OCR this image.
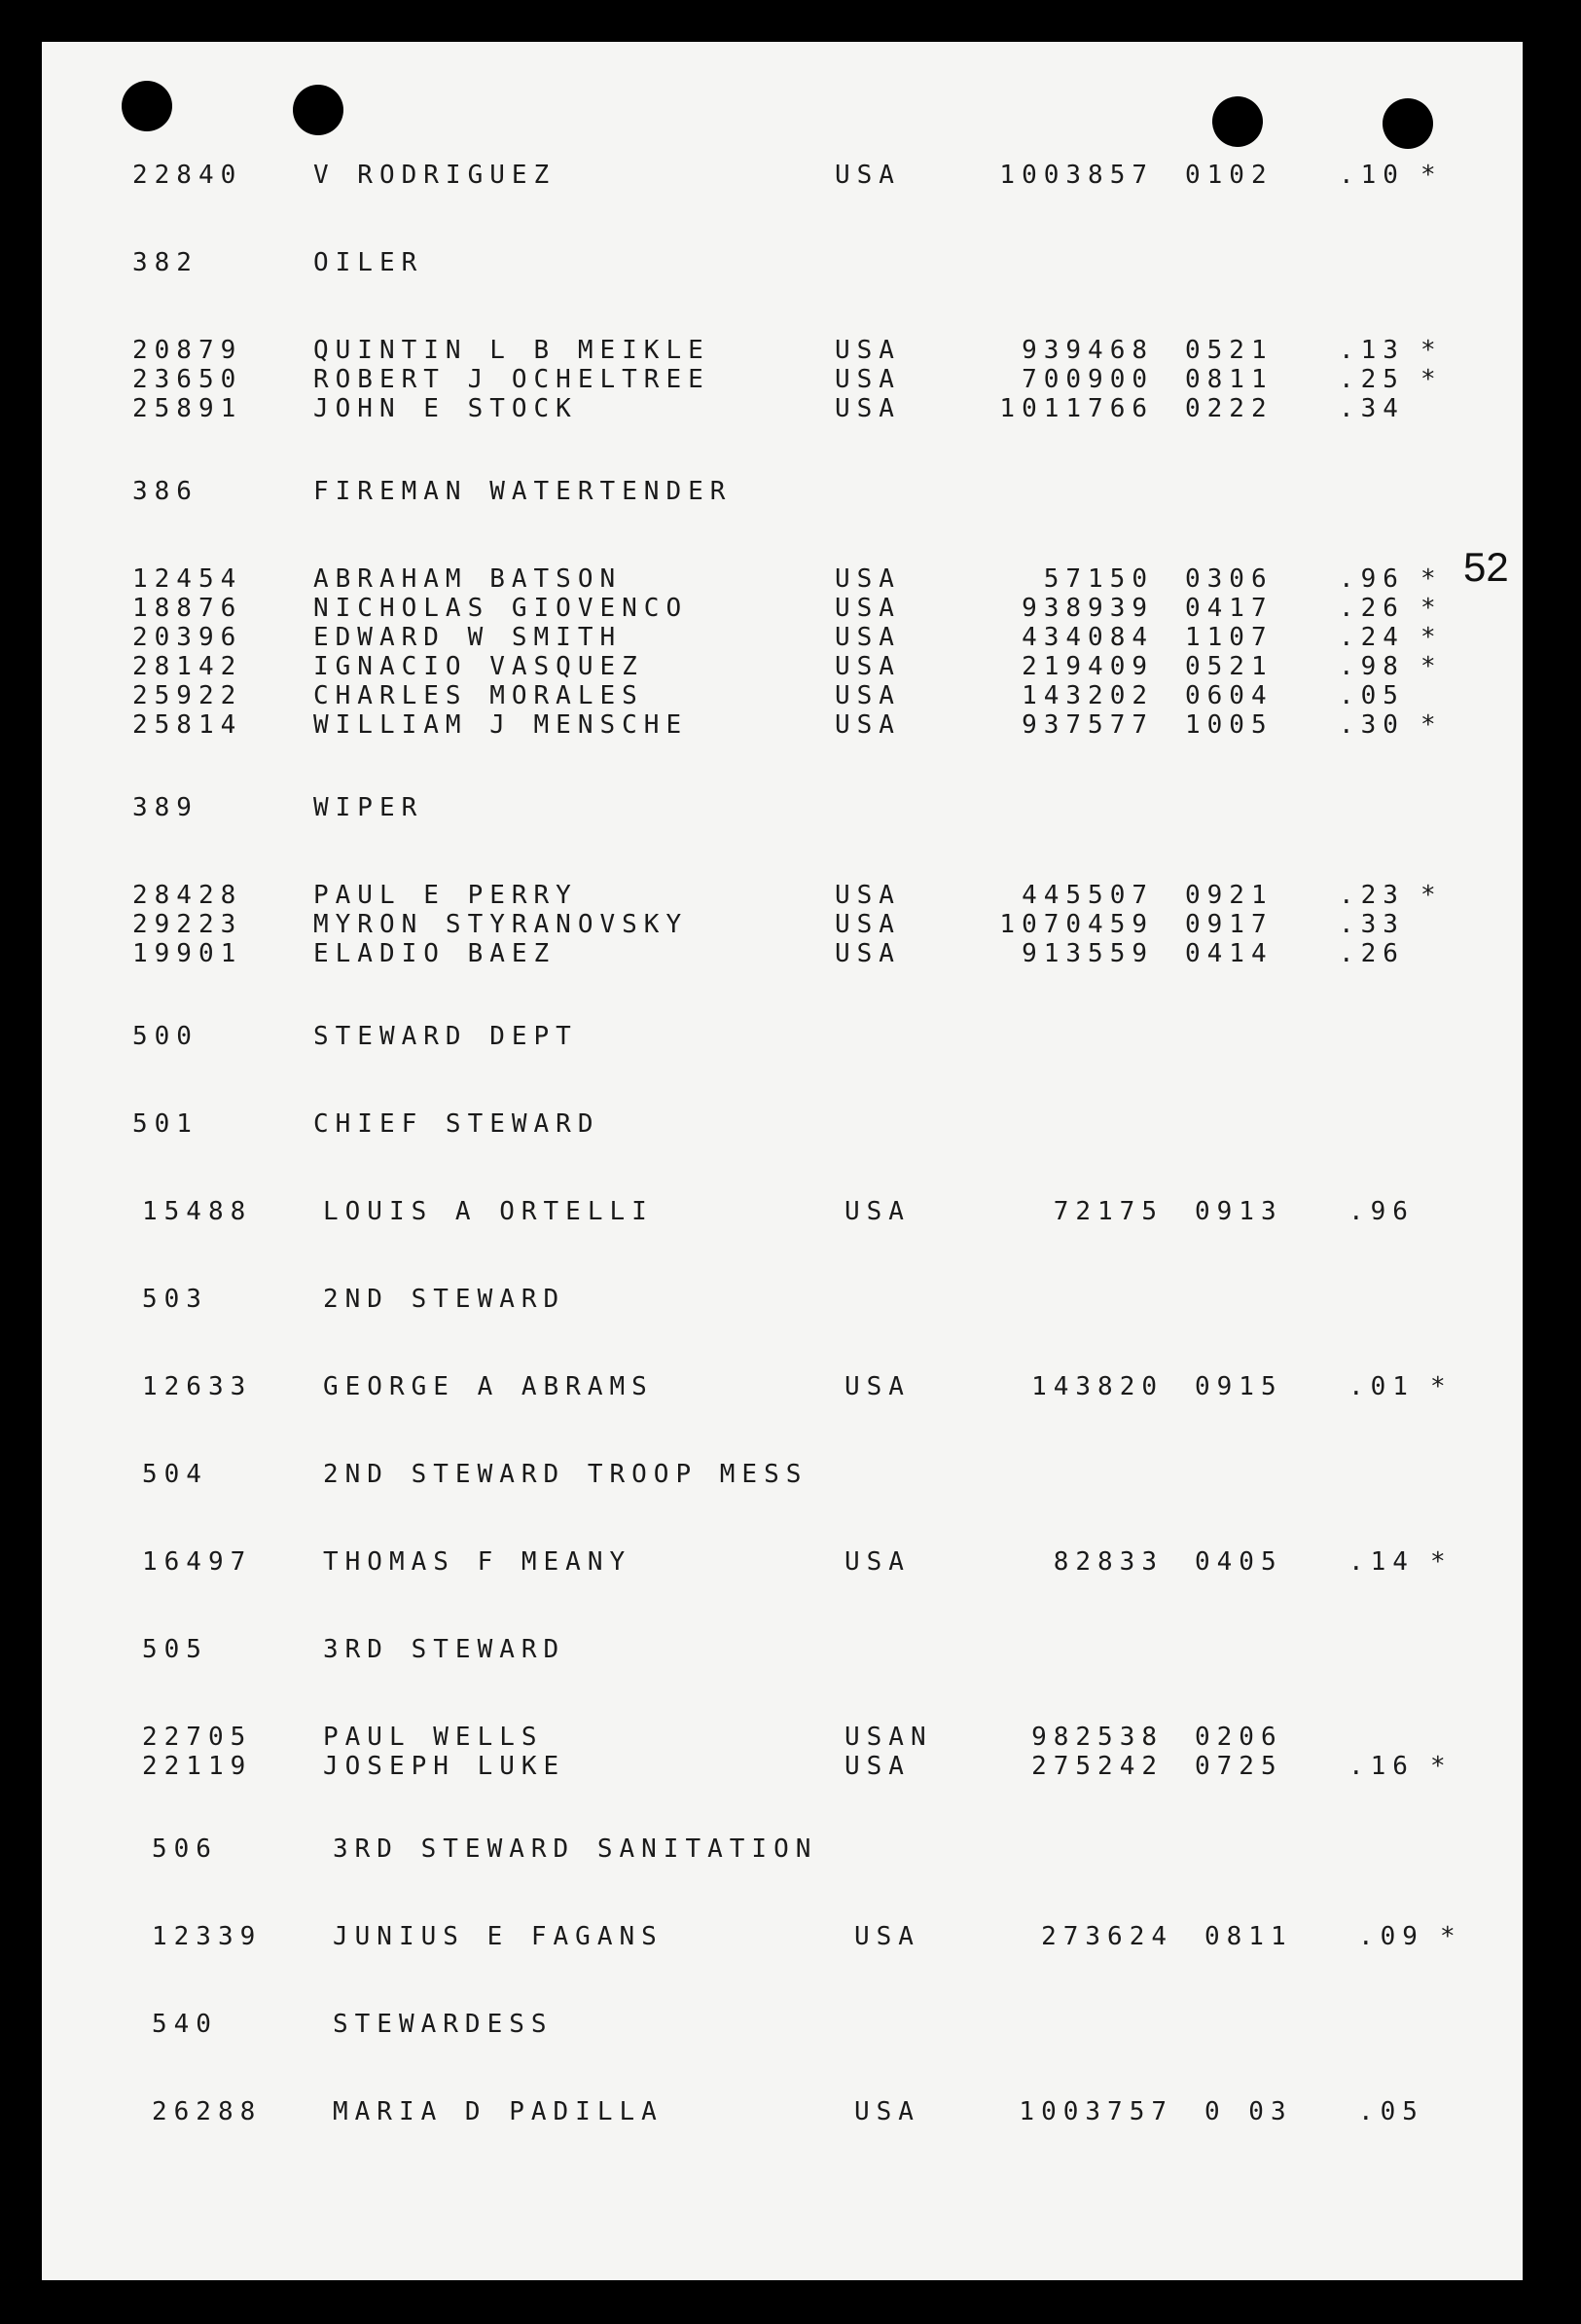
52
22840	V RODRIGUEZ	USA	1003857 0102	.10 *
382	OILER
20879	QUINTIN L B MEIKLE	USA	939468 0521	.13 *
23650	ROBERT J OCHELTREE	USA	700900 0811	.25 *
25891	JOHN E STOCK	USA	1011766 0222	.34
386	FIREMAN WATERTENDER
12454	ABRAHAM BATSON	USA	57150 0306	.96 *
18876	NICHOLAS GIOVENCO	USA	938939 0417	.26 *
20396	EDWARD W SMITH	USA	434084 1107	.24 *
28142	IGNACIO VASQUEZ	USA	219409 0521	.98 *
25922	CHARLES MORALES	USA	143202 0604	.05
25814	WILLIAM J MENSCHE	USA	937577 1005	.30 *
389	WIPER
28428	PAUL E PERRY	USA	445507 0921	.23 *
29223	MYRON STYRANOVSKY	USA	1070459 0917	.33
19901	ELADIO BAEZ	USA	913559 0414	.26
500	STEWARD DEPT
501	CHIEF STEWARD
15488	LOUIS A ORTELLI	USA	72175 0913	.96
503	2ND STEWARD
12633	GEORGE A ABRAMS	USA	143820 0915	.01 *
504	2ND STEWARD TROOP MESS
16497	THOMAS F MEANY	USA	82833 0405	.14 *
505	3RD STEWARD
22705	PAUL WELLS	USAN	982538 0206
22119	JOSEPH LUKE	USA	275242 0725	.16 *
506	3RD STEWARD SANITATION
12339	JUNIUS E FAGANS	USA	273624 0811	.09 *
540	STEWARDESS
26288	MARIA D PADILLA	USA	1003757 0 03	.05
